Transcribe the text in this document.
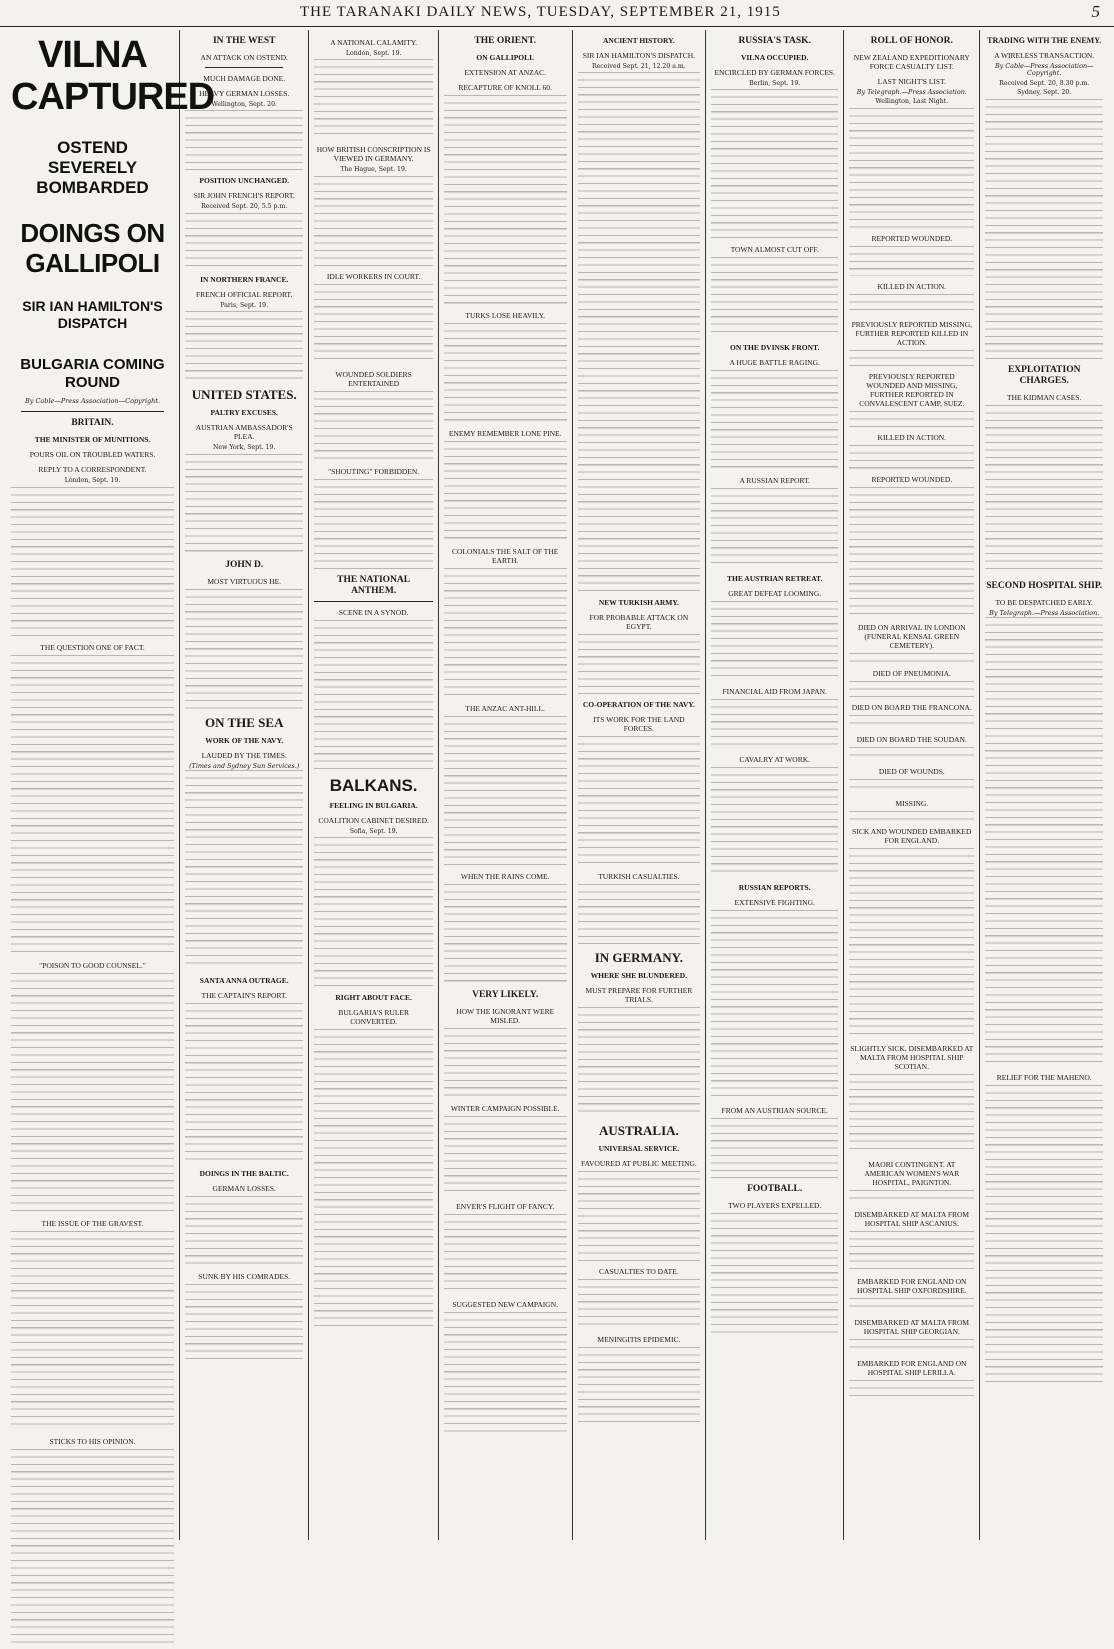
THE TARANAKI DAILY NEWS, TUESDAY, SEPTEMBER 21, 1915	5
VILNA CAPTURED
OSTEND SEVERELY BOMBARDED
DOINGS ON GALLIPOLI
SIR IAN HAMILTON'S DISPATCH
BULGARIA COMING ROUND
By Cable—Press Association—Copyright.
BRITAIN.
THE MINISTER OF MUNITIONS.
POURS OIL ON TROUBLED WATERS.
REPLY TO A CORRESPONDENT.
London, Sept. 19.
THE QUESTION ONE OF FACT.
"POISON TO GOOD COUNSEL."
THE ISSUE OF THE GRAVEST.
STICKS TO HIS OPINION.
IN THE WEST
AN ATTACK ON OSTEND.
MUCH DAMAGE DONE.
HEAVY GERMAN LOSSES.
Wellington, Sept. 20.
POSITION UNCHANGED.
SIR JOHN FRENCH'S REPORT.
Received Sept. 20, 5.5 p.m.
IN NORTHERN FRANCE.
FRENCH OFFICIAL REPORT.
Paris, Sept. 19.
UNITED STATES.
PALTRY EXCUSES.
AUSTRIAN AMBASSADOR'S PLEA.
New York, Sept. 19.
JOHN D.
MOST VIRTUOUS HE.
ON THE SEA
WORK OF THE NAVY.
LAUDED BY THE TIMES.
(Times and Sydney Sun Services.)
SANTA ANNA OUTRAGE.
THE CAPTAIN'S REPORT.
DOINGS IN THE BALTIC.
GERMAN LOSSES.
SUNK BY HIS COMRADES.
A NATIONAL CALAMITY.
London, Sept. 19.
HOW BRITISH CONSCRIPTION IS VIEWED IN GERMANY.
The Hague, Sept. 19.
IDLE WORKERS IN COURT.
WOUNDED SOLDIERS ENTERTAINED
"SHOUTING" FORBIDDEN.
THE NATIONAL ANTHEM.
SCENE IN A SYNOD.
BALKANS.
FEELING IN BULGARIA.
COALITION CABINET DESIRED.
Sofia, Sept. 19.
RIGHT ABOUT FACE.
BULGARIA'S RULER CONVERTED.
THE ORIENT.
ON GALLIPOLI.
EXTENSION AT ANZAC.
RECAPTURE OF KNOLL 60.
TURKS LOSE HEAVILY.
ENEMY REMEMBER LONE PINE.
COLONIALS THE SALT OF THE EARTH.
THE ANZAC ANT-HILL.
WHEN THE RAINS COME.
VERY LIKELY.
HOW THE IGNORANT WERE MISLED.
WINTER CAMPAIGN POSSIBLE.
ENVER'S FLIGHT OF FANCY.
SUGGESTED NEW CAMPAIGN.
ANCIENT HISTORY.
SIR IAN HAMILTON'S DISPATCH.
Received Sept. 21, 12.20 a.m.
NEW TURKISH ARMY.
FOR PROBABLE ATTACK ON EGYPT.
CO-OPERATION OF THE NAVY.
ITS WORK FOR THE LAND FORCES.
TURKISH CASUALTIES.
IN GERMANY.
WHERE SHE BLUNDERED.
MUST PREPARE FOR FURTHER TRIALS.
AUSTRALIA.
UNIVERSAL SERVICE.
FAVOURED AT PUBLIC MEETING.
CASUALTIES TO DATE.
MENINGITIS EPIDEMIC.
RUSSIA'S TASK.
VILNA OCCUPIED.
ENCIRCLED BY GERMAN FORCES.
Berlin, Sept. 19.
TOWN ALMOST CUT OFF.
ON THE DVINSK FRONT.
A HUGE BATTLE RAGING.
A RUSSIAN REPORT.
THE AUSTRIAN RETREAT.
GREAT DEFEAT LOOMING.
FINANCIAL AID FROM JAPAN.
CAVALRY AT WORK.
RUSSIAN REPORTS.
EXTENSIVE FIGHTING.
FROM AN AUSTRIAN SOURCE.
FOOTBALL.
TWO PLAYERS EXPELLED.
ROLL OF HONOR.
NEW ZEALAND EXPEDITIONARY FORCE CASUALTY LIST.
LAST NIGHT'S LIST.
By Telegraph.—Press Association.
Wellington, Last Night.
REPORTED WOUNDED.
KILLED IN ACTION.
PREVIOUSLY REPORTED MISSING, FURTHER REPORTED KILLED IN ACTION.
PREVIOUSLY REPORTED WOUNDED AND MISSING, FURTHER REPORTED IN CONVALESCENT CAMP, SUEZ.
KILLED IN ACTION.
REPORTED WOUNDED.
DIED ON ARRIVAL IN LONDON (FUNERAL KENSAL GREEN CEMETERY).
DIED OF PNEUMONIA.
DIED ON BOARD THE FRANCONA.
DIED ON BOARD THE SOUDAN.
DIED OF WOUNDS.
MISSING.
SICK AND WOUNDED EMBARKED FOR ENGLAND.
SLIGHTLY SICK, DISEMBARKED AT MALTA FROM HOSPITAL SHIP SCOTIAN.
MAORI CONTINGENT. AT AMERICAN WOMEN'S WAR HOSPITAL, PAIGNTON.
DISEMBARKED AT MALTA FROM HOSPITAL SHIP ASCANIUS.
EMBARKED FOR ENGLAND ON HOSPITAL SHIP OXFORDSHIRE.
DISEMBARKED AT MALTA FROM HOSPITAL SHIP GEORGIAN.
EMBARKED FOR ENGLAND ON HOSPITAL SHIP LERILLA.
TRADING WITH THE ENEMY.
A WIRELESS TRANSACTION.
By Cable—Press Association—Copyright.
Received Sept. 20, 8.30 p.m.
Sydney, Sept. 20.
EXPLOITATION CHARGES.
THE KIDMAN CASES.
SECOND HOSPITAL SHIP.
TO BE DESPATCHED EARLY.
By Telegraph.—Press Association.
RELIEF FOR THE MAHENO.
